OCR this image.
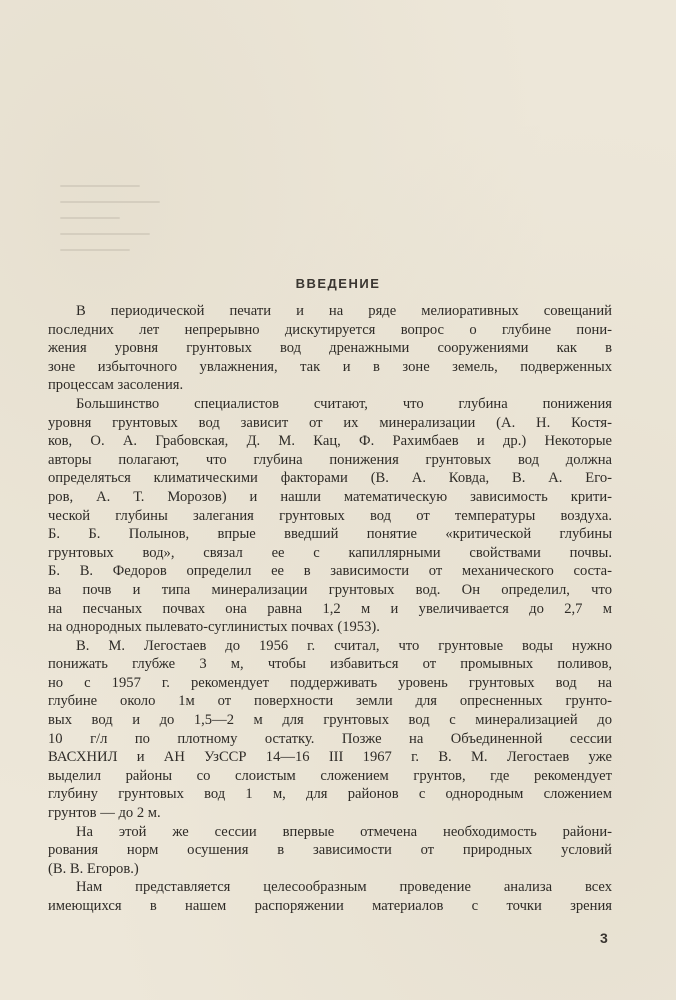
ВВЕДЕНИЕ
В периодической печати и на ряде мелиоративных совещаний
последних лет непрерывно дискутируется вопрос о глубине пони-
жения уровня грунтовых вод дренажными сооружениями как в
зоне избыточного увлажнения, так и в зоне земель, подверженных
процессам засоления.
Большинство специалистов считают, что глубина понижения
уровня грунтовых вод зависит от их минерализации (А. Н. Костя-
ков, О. А. Грабовская, Д. М. Кац, Ф. Рахимбаев и др.) Некоторые
авторы полагают, что глубина понижения грунтовых вод должна
определяться климатическими факторами (В. А. Ковда, В. А. Его-
ров, А. Т. Морозов) и нашли математическую зависимость крити-
ческой глубины залегания грунтовых вод от температуры воздуха.
Б. Б. Полынов, впрые введший понятие «критической глубины
грунтовых вод», связал ее с капиллярными свойствами почвы.
Б. В. Федоров определил ее в зависимости от механического соста-
ва почв и типа минерализации грунтовых вод. Он определил, что
на песчаных почвах она равна 1,2 м и увеличивается до 2,7 м
на однородных пылевато-суглинистых почвах (1953).
В. М. Легостаев до 1956 г. считал, что грунтовые воды нужно
понижать глубже 3 м, чтобы избавиться от промывных поливов,
но с 1957 г. рекомендует поддерживать уровень грунтовых вод на
глубине около 1м от поверхности земли для опресненных грунто-
вых вод и до 1,5—2 м для грунтовых вод с минерализацией до
10 г/л по плотному остатку. Позже на Объединенной сессии
ВАСХНИЛ и АН УзССР 14—16 III 1967 г. В. М. Легостаев уже
выделил районы со слоистым сложением грунтов, где рекомендует
глубину грунтовых вод 1 м, для районов с однородным сложением
грунтов — до 2 м.
На этой же сессии впервые отмечена необходимость райони-
рования норм осушения в зависимости от природных условий
(В. В. Егоров.)
Нам представляется целесообразным проведение анализа всех
имеющихся в нашем распоряжении материалов с точки зрения
3
